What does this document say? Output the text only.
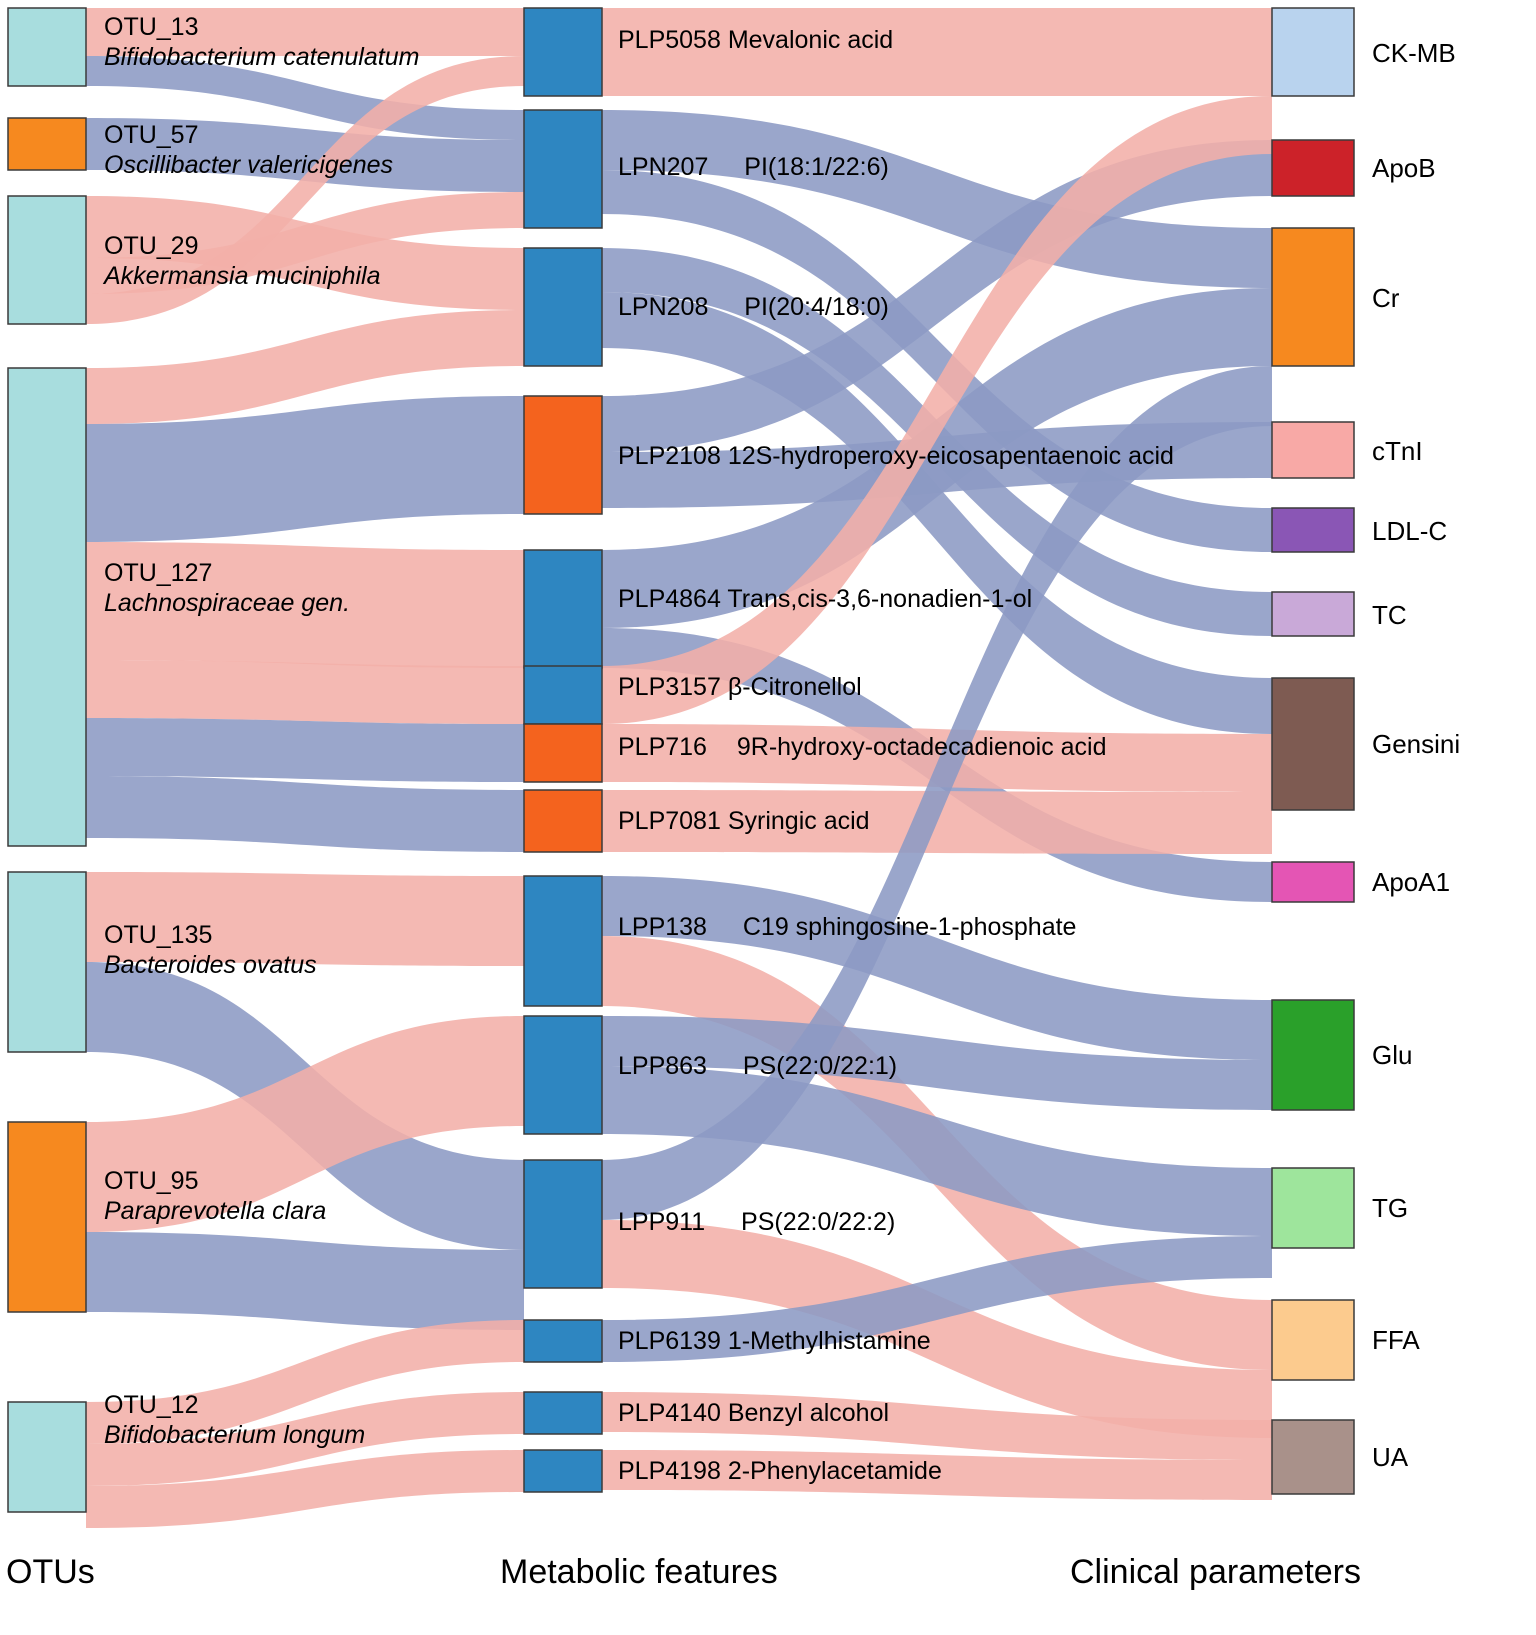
OTU_13
Bifidobacterium catenulatum
OTU_57
Oscillibacter valericigenes
OTU_29
Akkermansia muciniphila
OTU_127
Lachnospiraceae gen.
OTU_135
Bacteroides ovatus
OTU_95
Paraprevotella clara
OTU_12
Bifidobacterium longum
PLP5058 Mevalonic acid
LPN207 PI(18:1/22:6)
LPN208 PI(20:4/18:0)
PLP2108 12S-hydroperoxy-eicosapentaenoic acid
PLP4864 Trans,cis-3,6-nonadien-1-ol
PLP3157 β-Citronellol
PLP716 9R-hydroxy-octadecadienoic acid
PLP7081 Syringic acid
LPP138 C19 sphingosine-1-phosphate
LPP863 PS(22:0/22:1)
LPP911 PS(22:0/22:2)
PLP6139 1-Methylhistamine
PLP4140 Benzyl alcohol
PLP4198 2-Phenylacetamide
CK-MB
ApoB
Cr
cTnI
LDL-C
TC
Gensini
ApoA1
Glu
TG
FFA
UA
OTUs	Metabolic features	Clinical parameters
